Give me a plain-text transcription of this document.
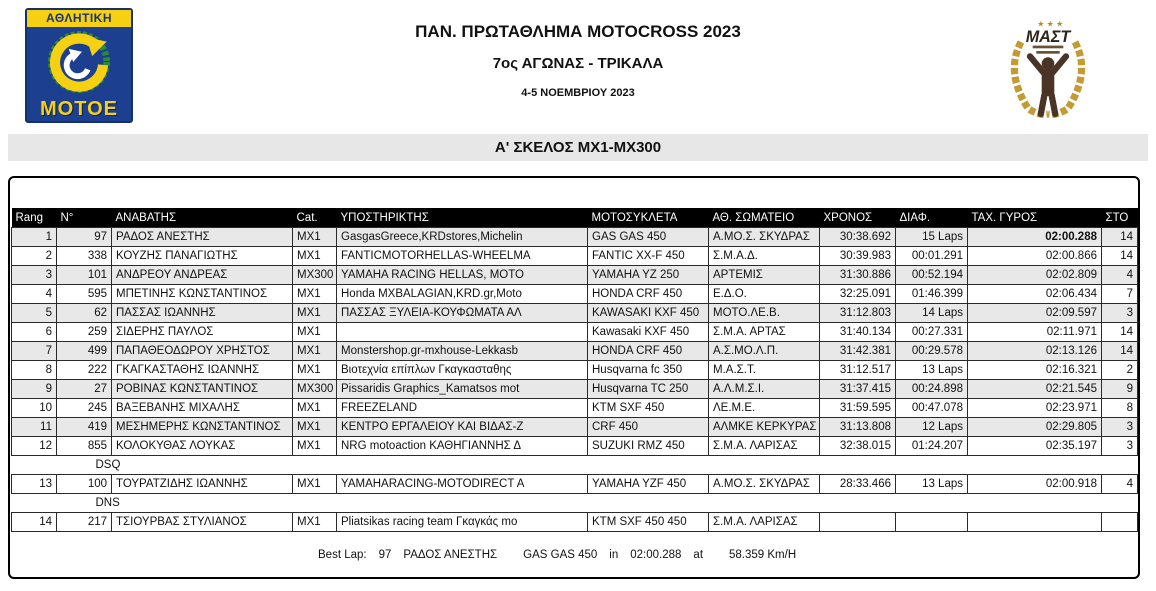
ΑΘΛΗΤΙΚΗ
ΜΟΤΟΕ
ΠΑΝ. ΠΡΩΤΑΘΛΗΜΑ MOTOCROSS 2023
7ος ΑΓΩΝΑΣ - ΤΡΙΚΑΛΑ
4-5 ΝΟΕΜΒΡΙΟΥ 2023
★ ★ ★
ΜΑΣΤ
Α' ΣΚΕΛΟΣ MX1-MX300
Rang	N°	ΑΝΑΒΑΤΗΣ	Cat.	ΥΠΟΣΤΗΡΙΚΤΗΣ	ΜΟΤΟΣΥΚΛΕΤΑ	ΑΘ. ΣΩΜΑΤΕΙΟ	ΧΡΟΝΟΣ	ΔΙΑΦ.	ΤΑΧ. ΓΥΡΟΣ	ΣΤΟ
1	97	ΡΑΔΟΣ ΑΝΕΣΤΗΣ	MX1	GasgasGreece,KRDstores,Michelin	GAS GAS 450	Α.ΜΟ.Σ. ΣΚΥΔΡΑΣ	30:38.692	15 Laps	02:00.288	14
2	338	ΚΟΥΖΗΣ ΠΑΝΑΓΙΩΤΗΣ	MX1	FANTICMOTORHELLAS-WHEELMA	FANTIC XX-F 450	Σ.Μ.Α.Δ.	30:39.983	00:01.291	02:00.866	14
3	101	ΑΝΔΡΕΟΥ ΑΝΔΡΕΑΣ	MX300	YAMAHA RACING HELLAS, MOTO	YAMAHA YZ 250	ΑΡΤΕΜΙΣ	31:30.886	00:52.194	02:02.809	4
4	595	ΜΠΕΤΙΝΗΣ ΚΩΝΣΤΑΝΤΙΝΟΣ	MX1	Honda MXBALAGIAN,KRD.gr,Moto	HONDA CRF 450	Ε.Δ.Ο.	32:25.091	01:46.399	02:06.434	7
5	62	ΠΑΣΣΑΣ ΙΩΑΝΝΗΣ	MX1	ΠΑΣΣΑΣ ΞΥΛΕΙΑ-ΚΟΥΦΩΜΑΤΑ ΑΛ	KAWASAKI KXF 450	ΜΟΤΟ.ΛΕ.Β.	31:12.803	14 Laps	02:09.597	3
6	259	ΣΙΔΕΡΗΣ ΠΑΥΛΟΣ	MX1		Kawasaki KXF 450	Σ.Μ.Α. ΑΡΤΑΣ	31:40.134	00:27.331	02:11.971	14
7	499	ΠΑΠΑΘΕΟΔΩΡΟΥ ΧΡΗΣΤΟΣ	MX1	Monstershop.gr-mxhouse-Lekkasb	HONDA CRF 450	Α.Σ.ΜΟ.Λ.Π.	31:42.381	00:29.578	02:13.126	14
8	222	ΓΚΑΓΚΑΣΤΑΘΗΣ ΙΩΑΝΝΗΣ	MX1	Βιοτεχνία επίπλων Γκαγκασταθης	Husqvarna fc 350	Μ.Α.Σ.Τ.	31:12.517	13 Laps	02:16.321	2
9	27	ΡΟΒΙΝΑΣ ΚΩΝΣΤΑΝΤΙΝΟΣ	MX300	Pissaridis Graphics_Kamatsos mot	Husqvarna TC 250	Α.Λ.Μ.Σ.Ι.	31:37.415	00:24.898	02:21.545	9
10	245	ΒΑΞΕΒΑΝΗΣ ΜΙΧΑΛΗΣ	MX1	FREEZELAND	KTM SXF 450	ΛΕ.Μ.Ε.	31:59.595	00:47.078	02:23.971	8
11	419	ΜΕΣΗΜΕΡΗΣ ΚΩΝΣΤΑΝΤΙΝΟΣ	MX1	ΚΕΝΤΡΟ ΕΡΓΑΛΕΙΟΥ ΚΑΙ ΒΙΔΑΣ-Z	CRF 450	ΑΛΜΚΕ ΚΕΡΚΥΡΑΣ	31:13.808	12 Laps	02:29.805	3
12	855	ΚΟΛΟΚΥΘΑΣ ΛΟΥΚΑΣ	MX1	NRG motoaction ΚΑΘΗΓΙΑΝΝΗΣ Δ	SUZUKI RMZ 450	Σ.Μ.Α. ΛΑΡΙΣΑΣ	32:38.015	01:24.207	02:35.197	3
DSQ										
13	100	ΤΟΥΡΑΤΖΙΔΗΣ ΙΩΑΝΝΗΣ	MX1	YAMAHARACING-MOTODIRECT A	YAMAHA YZF 450	Α.ΜΟ.Σ. ΣΚΥΔΡΑΣ	28:33.466	13 Laps	02:00.918	4
DNS										
14	217	ΤΣΙΟΥΡΒΑΣ ΣΤΥΛΙΑΝΟΣ	MX1	Pliatsikas racing team Γκαγκάς mo	KTM SXF 450 450	Σ.Μ.Α. ΛΑΡΙΣΑΣ				
Best Lap: 97 ΡΑΔΟΣ ΑΝΕΣΤΗΣ GAS GAS 450 in 02:00.288 at 58.359 Km/H
